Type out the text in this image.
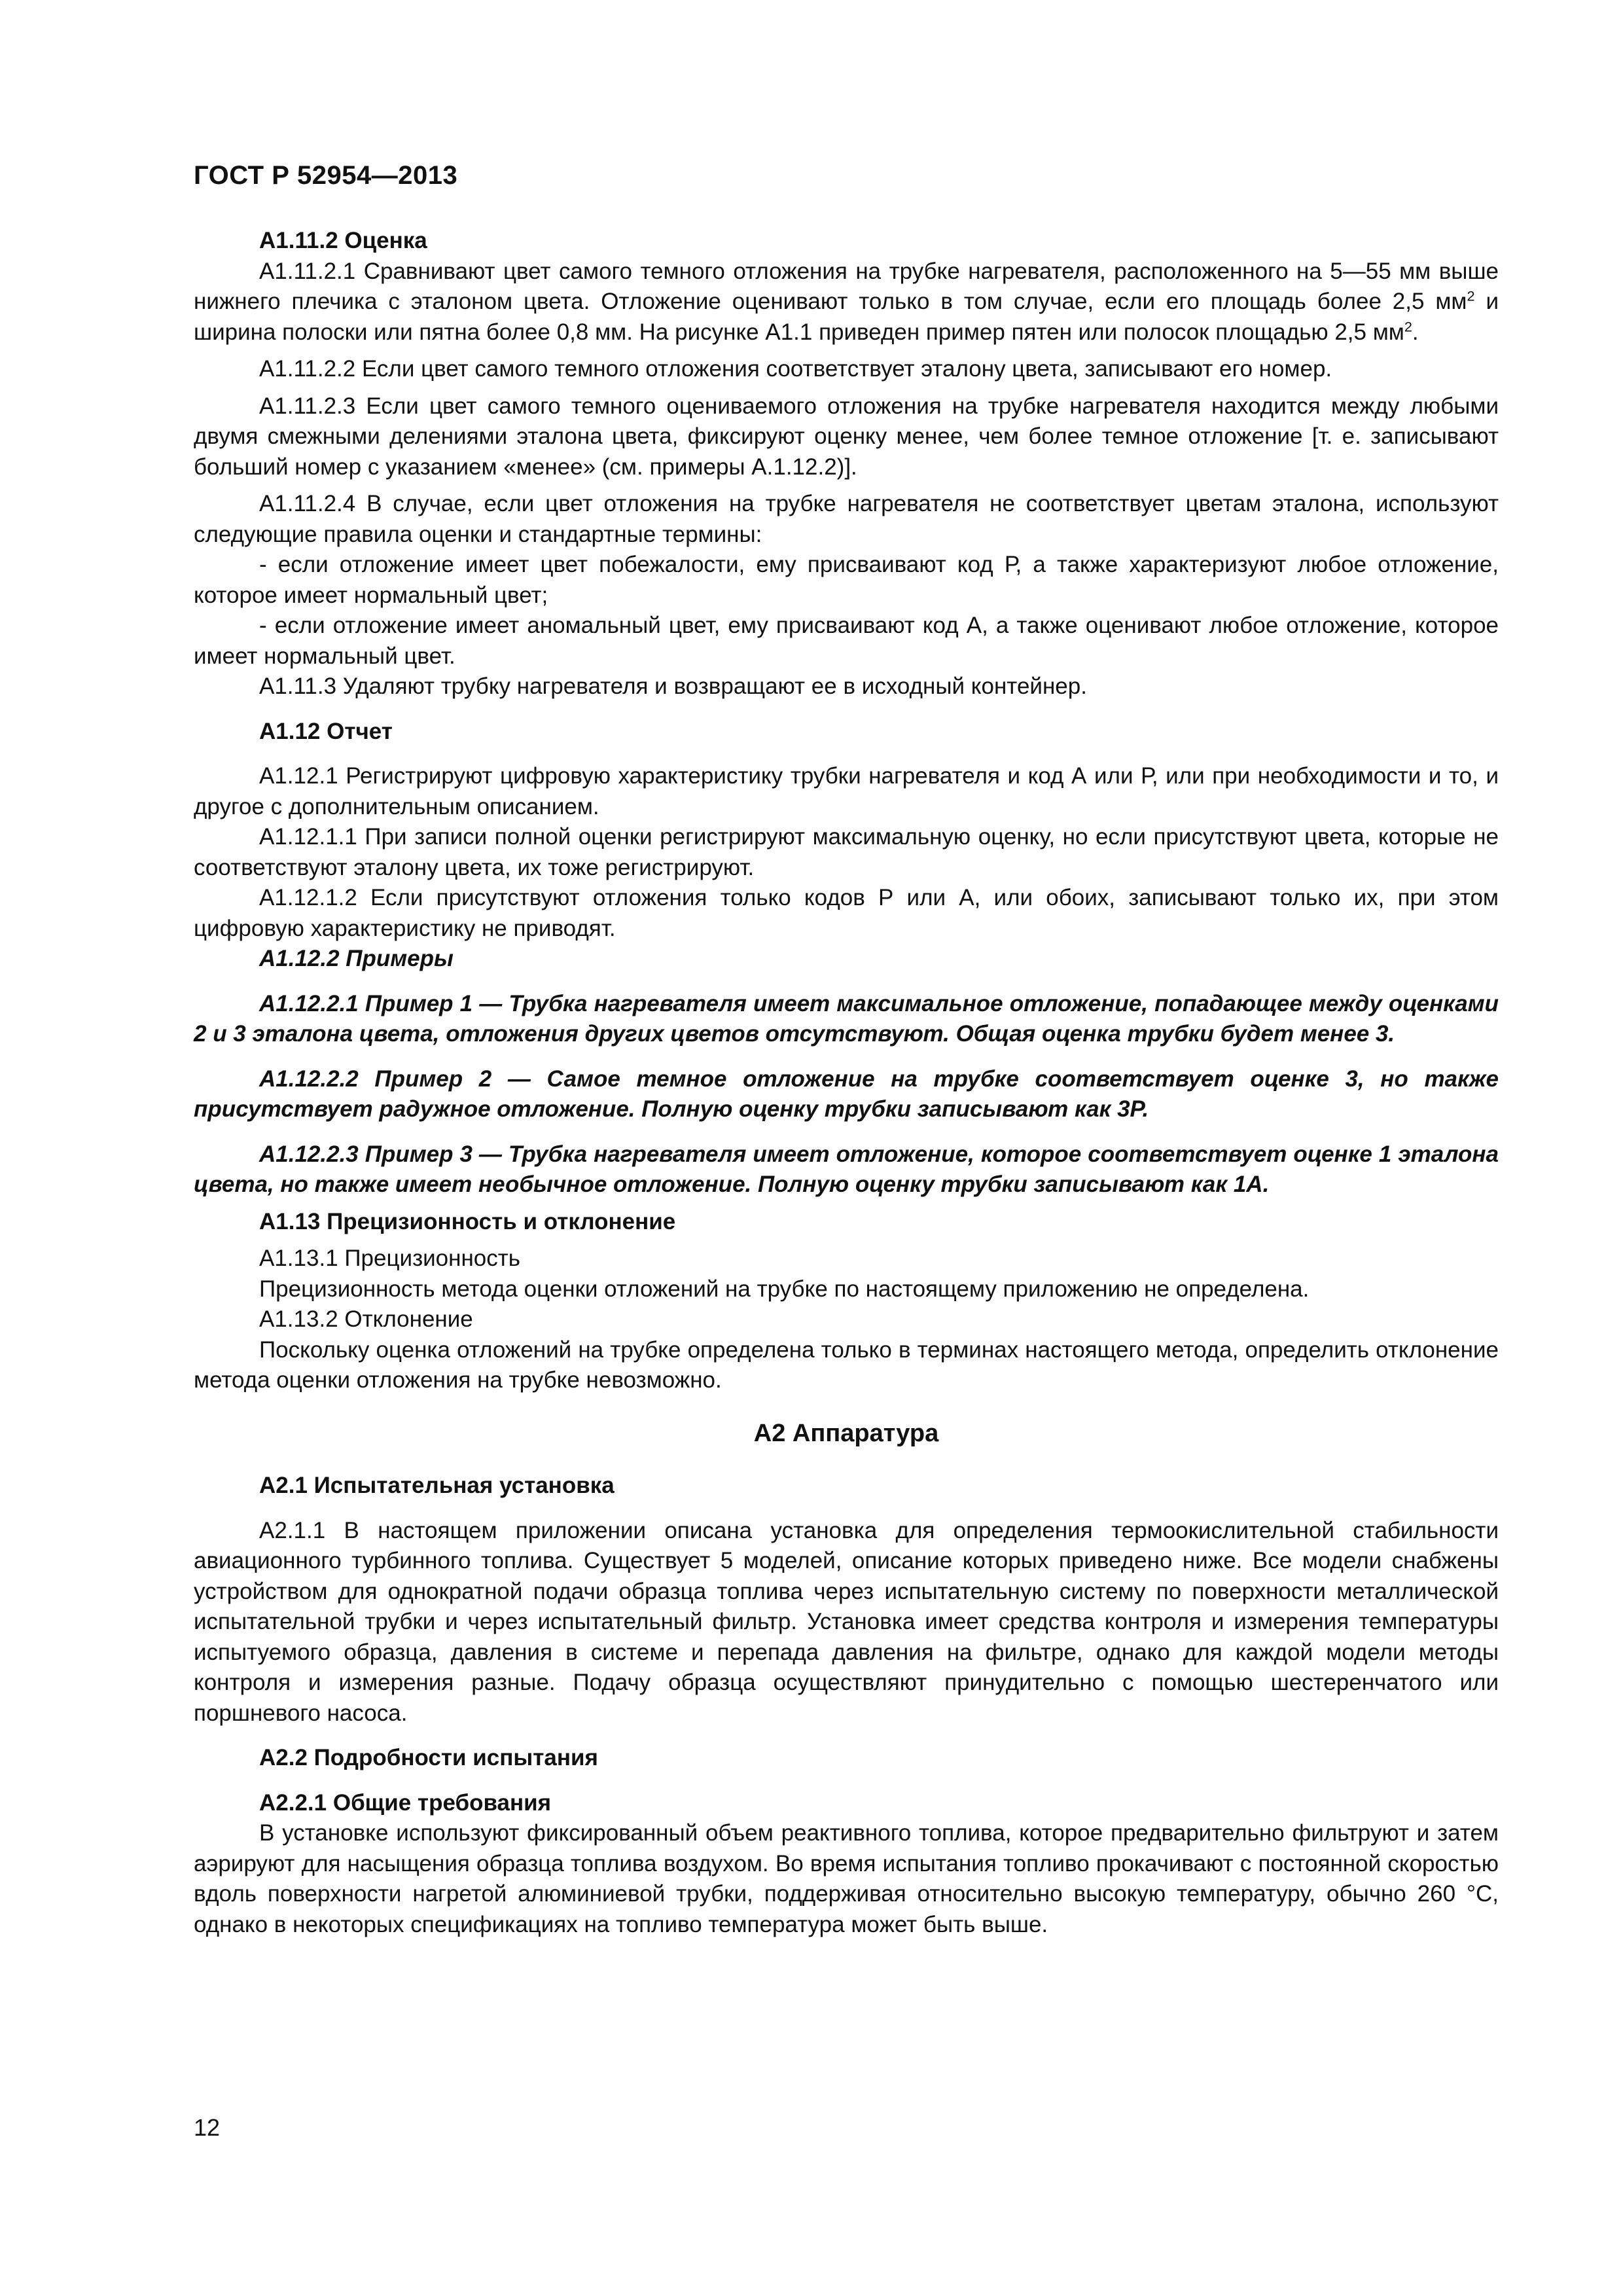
ГОСТ Р 52954—2013

А1.11.2 Оценка

А1.11.2.1 Сравнивают цвет самого темного отложения на трубке нагревателя, расположенного на 5—55 мм выше нижнего плечика с эталоном цвета. Отложение оценивают только в том случае, если его площадь более 2,5 $мм^2$ и ширина полоски или пятна более 0,8 мм. На рисунке А1.1 приведен пример пятен или полосок площадью 2,5 $мм^2$.

А1.11.2.2 Если цвет самого темного отложения соответствует эталону цвета, записывают его номер.

А1.11.2.3 Если цвет самого темного оцениваемого отложения на трубке нагревателя находится между любыми двумя смежными делениями эталона цвета, фиксируют оценку менее, чем более темное отложение [т. е. записывают больший номер с указанием «менее» (см. примеры А.1.12.2)].

А1.11.2.4 В случае, если цвет отложения на трубке нагревателя не соответствует цветам эталона, используют следующие правила оценки и стандартные термины:

- если отложение имеет цвет побежалости, ему присваивают код Р, а также характеризуют любое отложение, которое имеет нормальный цвет;

- если отложение имеет аномальный цвет, ему присваивают код А, а также оценивают любое отложение, которое имеет нормальный цвет.

А1.11.3 Удаляют трубку нагревателя и возвращают ее в исходный контейнер.

А1.12 Отчет

А1.12.1 Регистрируют цифровую характеристику трубки нагревателя и код А или Р, или при необходимости и то, и другое с дополнительным описанием.

А1.12.1.1 При записи полной оценки регистрируют максимальную оценку, но если присутствуют цвета, которые не соответствуют эталону цвета, их тоже регистрируют.

А1.12.1.2 Если присутствуют отложения только кодов Р или А, или обоих, записывают только их, при этом цифровую характеристику не приводят.

А1.12.2 Примеры

А1.12.2.1 Пример 1 — Трубка нагревателя имеет максимальное отложение, попадающее между оценками 2 и 3 эталона цвета, отложения других цветов отсутствуют. Общая оценка трубки будет менее 3.

А1.12.2.2 Пример 2 — Самое темное отложение на трубке соответствует оценке 3, но также присутствует радужное отложение. Полную оценку трубки записывают как 3Р.

А1.12.2.3 Пример 3 — Трубка нагревателя имеет отложение, которое соответствует оценке 1 эталона цвета, но также имеет необычное отложение. Полную оценку трубки записывают как 1А.

А1.13 Прецизионность и отклонение

А1.13.1 Прецизионность

Прецизионность метода оценки отложений на трубке по настоящему приложению не определена.

А1.13.2 Отклонение

Поскольку оценка отложений на трубке определена только в терминах настоящего метода, определить отклонение метода оценки отложения на трубке невозможно.

А2 Аппаратура

А2.1 Испытательная установка

А2.1.1 В настоящем приложении описана установка для определения термоокислительной стабильности авиационного турбинного топлива. Существует 5 моделей, описание которых приведено ниже. Все модели снабжены устройством для однократной подачи образца топлива через испытательную систему по поверхности металлической испытательной трубки и через испытательный фильтр. Установка имеет средства контроля и измерения температуры испытуемого образца, давления в системе и перепада давления на фильтре, однако для каждой модели методы контроля и измерения разные. Подачу образца осуществляют принудительно с помощью шестеренчатого или поршневого насоса.

А2.2 Подробности испытания

А2.2.1 Общие требования

В установке используют фиксированный объем реактивного топлива, которое предварительно фильтруют и затем аэрируют для насыщения образца топлива воздухом. Во время испытания топливо прокачивают с постоянной скоростью вдоль поверхности нагретой алюминиевой трубки, поддерживая относительно высокую температуру, обычно 260 °С, однако в некоторых спецификациях на топливо температура может быть выше.

12
